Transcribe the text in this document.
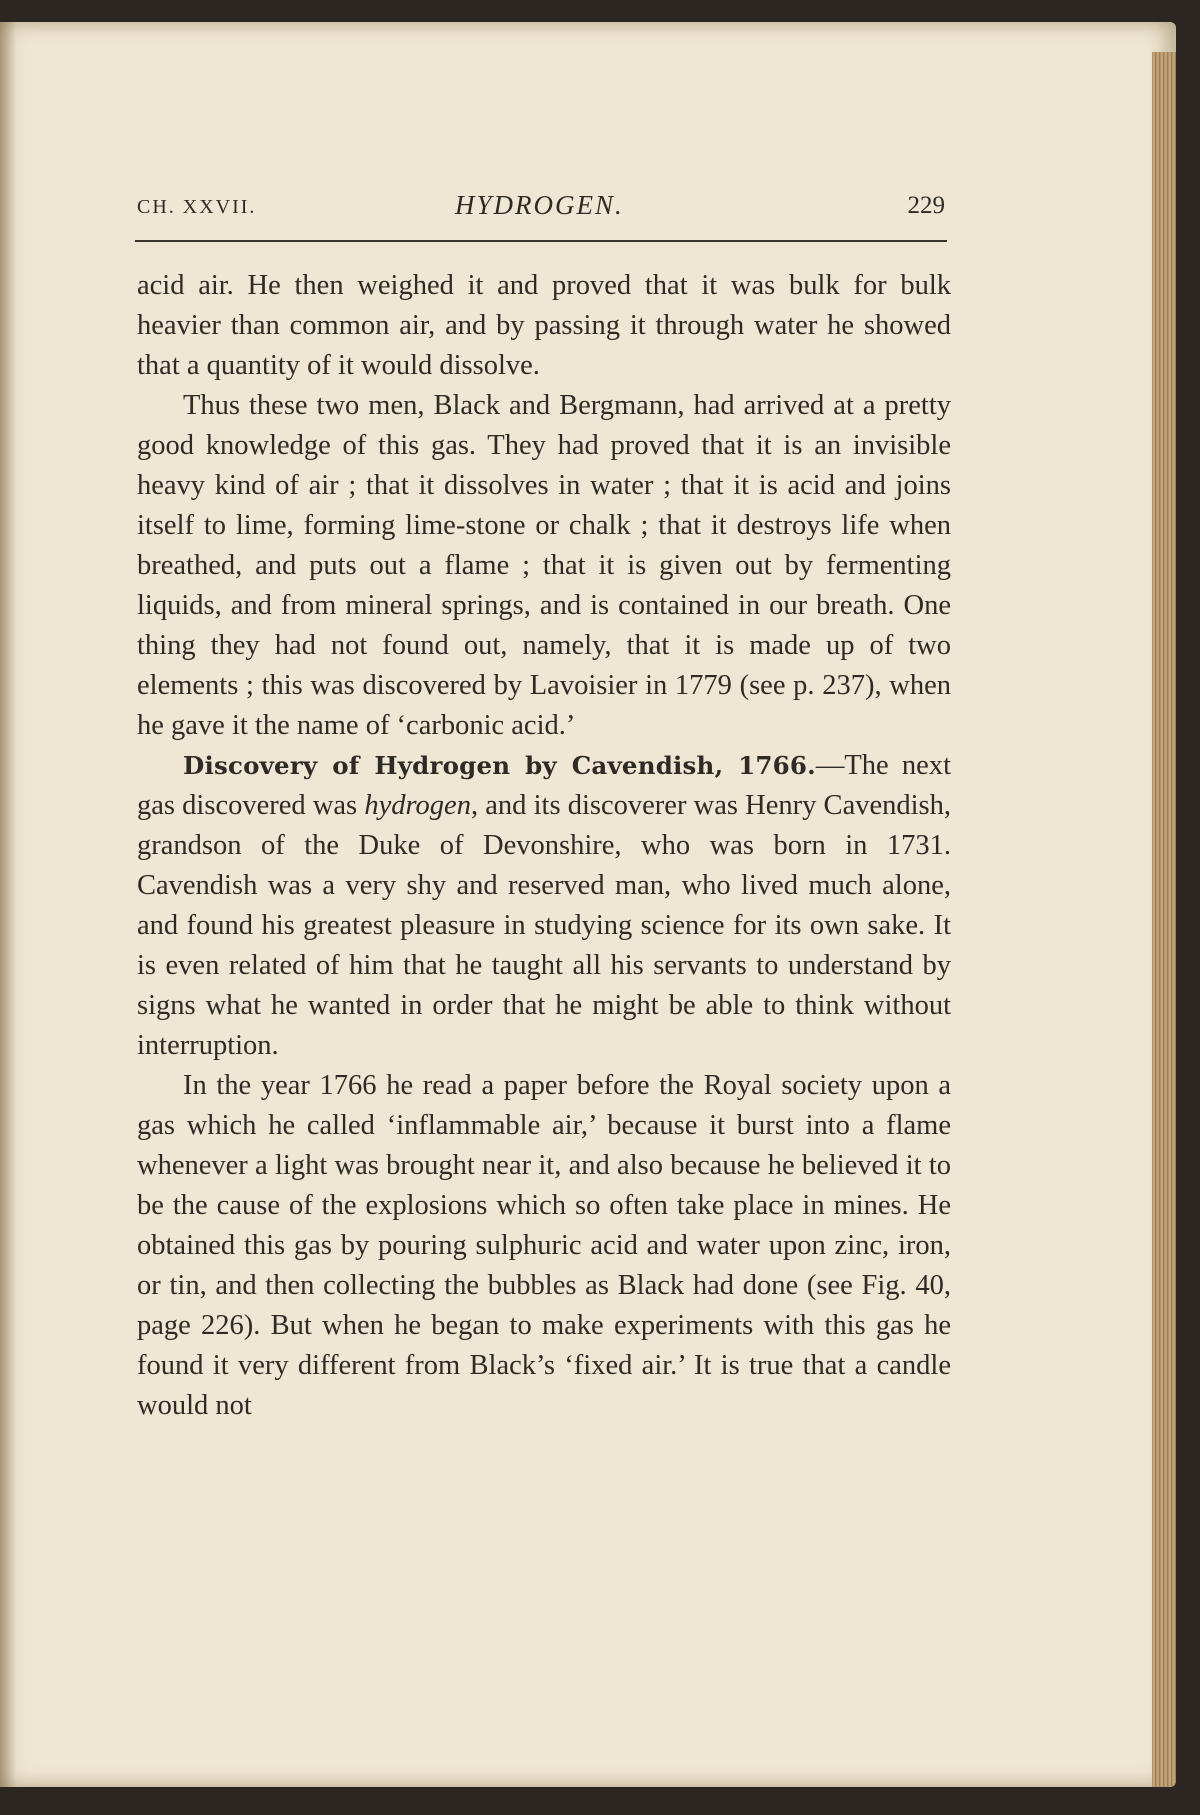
CH. XXVII.	HYDROGEN.	229

acid air. He then weighed it and proved that it was bulk for bulk heavier than common air, and by passing it through water he showed that a quantity of it would dissolve.

Thus these two men, Black and Bergmann, had arrived at a pretty good knowledge of this gas. They had proved that it is an invisible heavy kind of air ; that it dissolves in water ; that it is acid and joins itself to lime, forming lime-stone or chalk ; that it destroys life when breathed, and puts out a flame ; that it is given out by fermenting liquids, and from mineral springs, and is contained in our breath. One thing they had not found out, namely, that it is made up of two elements ; this was discovered by Lavoisier in 1779 (see p. 237), when he gave it the name of ‘carbonic acid.’

Discovery of Hydrogen by Cavendish, 1766.—The next gas discovered was hydrogen, and its discoverer was Henry Cavendish, grandson of the Duke of Devonshire, who was born in 1731. Cavendish was a very shy and reserved man, who lived much alone, and found his greatest pleasure in studying science for its own sake. It is even related of him that he taught all his servants to understand by signs what he wanted in order that he might be able to think without interruption.

In the year 1766 he read a paper before the Royal society upon a gas which he called ‘inflammable air,’ because it burst into a flame whenever a light was brought near it, and also because he believed it to be the cause of the explosions which so often take place in mines. He obtained this gas by pouring sulphuric acid and water upon zinc, iron, or tin, and then collecting the bubbles as Black had done (see Fig. 40, page 226). But when he began to make experiments with this gas he found it very different from Black’s ‘fixed air.’ It is true that a candle would not
